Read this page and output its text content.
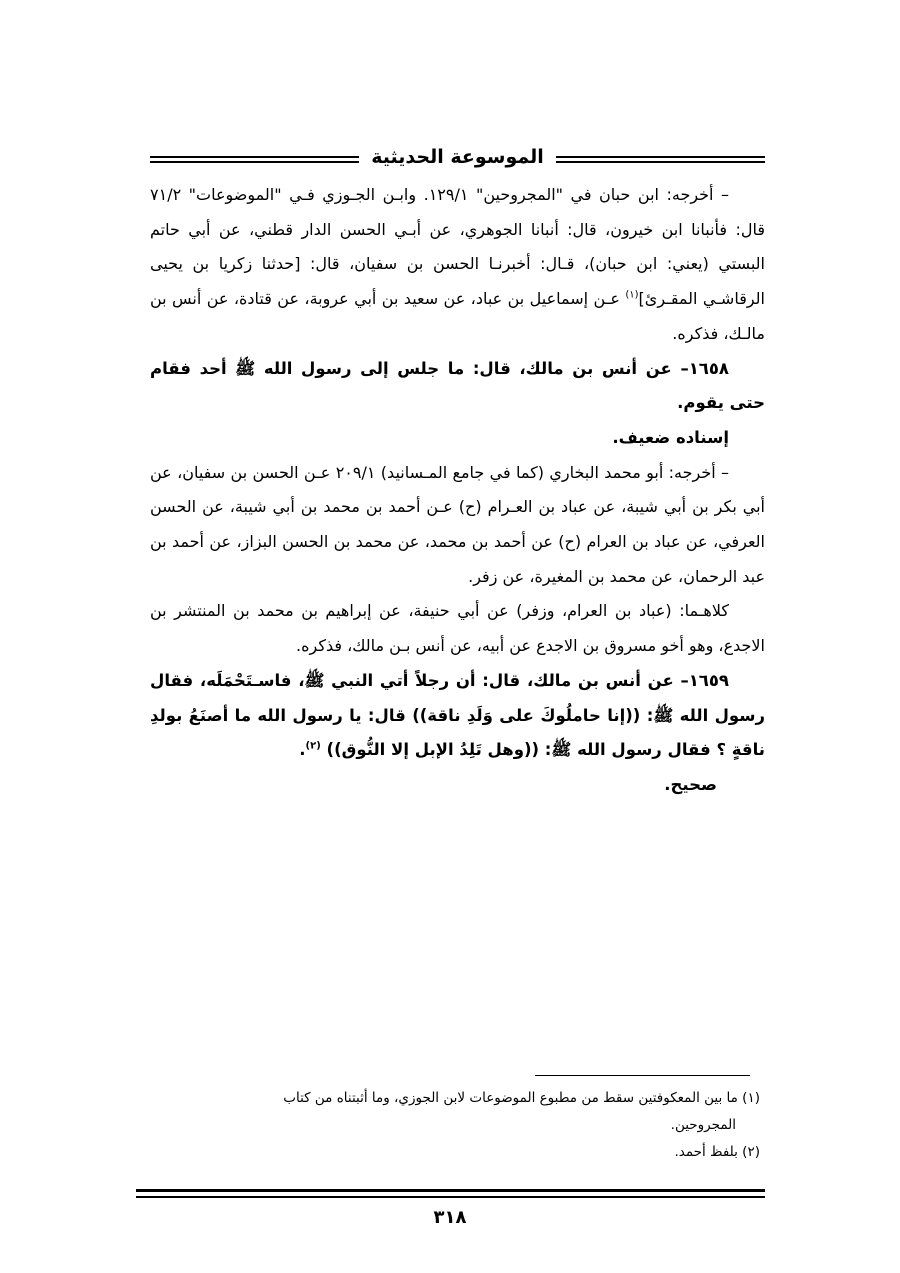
الموسوعة الحديثية

– أخرجه: ابن حبان في "المجروحين" ١٢٩/١. وابـن الجـوزي فـي "الموضوعات" ٧١/٢ قال: فأنبانا ابن خيرون، قال: أنبانا الجوهري، عن أبـي الحسن الدار قطني، عن أبي حاتم البستي (يعني: ابن حبان)، قـال: أخبرنـا الحسن بن سفيان، قال: [حدثنا زكريا بن يحيى الرقاشـي المقـرئ]$^{(١)}$ عـن إسماعيل بن عباد، عن سعيد بن أبي عروبة، عن قتادة، عن أنس بن مالـك، فذكره.

١٦٥٨– عن أنس بن مالك، قال: ما جلس إلى رسول الله ﷺ أحد فقام حتى يقوم.

إسناده ضعيف.

– أخرجه: أبو محمد البخاري (كما في جامع المـسانيد) ٢٠٩/١ عـن الحسن بن سفيان، عن أبي بكر بن أبي شيبة، عن عباد بن العـرام (ح) عـن أحمد بن محمد بن أبي شيبة، عن الحسن العرفي، عن عباد بن العرام (ح) عن أحمد بن محمد، عن محمد بن الحسن البزاز، عن أحمد بن عبد الرحمان، عن محمد بن المغيرة، عن زفر.

كلاهـما: (عباد بن العرام، وزفر) عن أبي حنيفة، عن إبراهيم بن محمد بن المنتشر بن الاجدع، وهو أخو مسروق بن الاجدع عن أبيه، عن أنس بـن مالك، فذكره.

١٦٥٩– عن أنس بن مالك، قال: أن رجلاً أتي النبي ﷺ، فاسـتَحْمَلَه، فقال رسول الله ﷺ: ((إنا حاملُوكَ على وَلَدِ ناقة)) قال: يا رسول الله ما أصنَعُ بولدِ ناقةٍ ؟ فقال رسول الله ﷺ: ((وهل تَلِدُ الإبل إلا النُّوق)) $^{(٢)}$.

صحيح.

(١) ما بين المعكوفتين سقط من مطبوع الموضوعات لابن الجوزي، وما أثبتناه من كتاب

المجروحين.

(٢) بلفظ أحمد.

٣١٨
